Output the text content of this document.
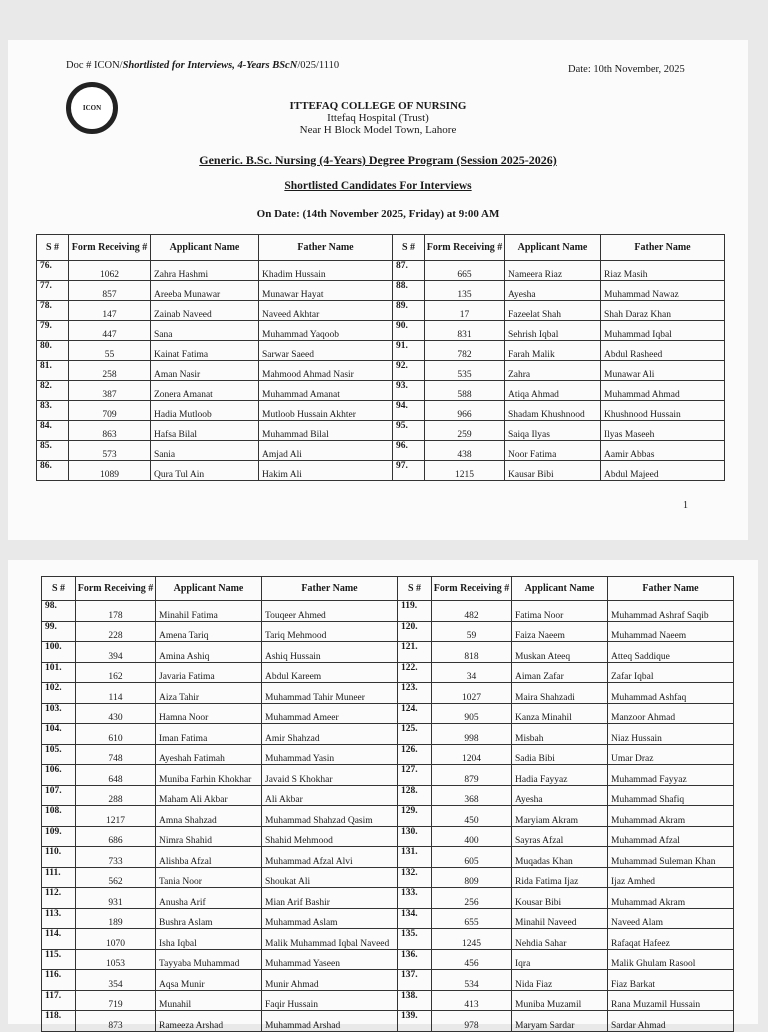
Doc # ICON/Shortlisted for Interviews, 4-Years BScN/025/1110	Date: 10th November, 2025
ICON	ITTEFAQ COLLEGE OF NURSING
Ittefaq Hospital (Trust)
Near H Block Model Town, Lahore
Generic. B.Sc. Nursing (4-Years) Degree Program (Session 2025-2026)
Shortlisted Candidates For Interviews
On Date: (14th November 2025, Friday) at 9:00 AM
S #	Form Receiving #	Applicant Name	Father Name	S #	Form Receiving #	Applicant Name	Father Name
76.	1062	Zahra Hashmi	Khadim Hussain	87.	665	Nameera Riaz	Riaz Masih
77.	857	Areeba Munawar	Munawar Hayat	88.	135	Ayesha	Muhammad Nawaz
78.	147	Zainab Naveed	Naveed Akhtar	89.	17	Fazeelat Shah	Shah Daraz Khan
79.	447	Sana	Muhammad Yaqoob	90.	831	Sehrish Iqbal	Muhammad Iqbal
80.	55	Kainat Fatima	Sarwar Saeed	91.	782	Farah Malik	Abdul Rasheed
81.	258	Aman Nasir	Mahmood Ahmad Nasir	92.	535	Zahra	Munawar Ali
82.	387	Zonera Amanat	Muhammad Amanat	93.	588	Atiqa Ahmad	Muhammad Ahmad
83.	709	Hadia Mutloob	Mutloob Hussain Akhter	94.	966	Shadam Khushnood	Khushnood Hussain
84.	863	Hafsa Bilal	Muhammad Bilal	95.	259	Saiqa Ilyas	Ilyas Maseeh
85.	573	Sania	Amjad Ali	96.	438	Noor Fatima	Aamir Abbas
86.	1089	Qura Tul Ain	Hakim Ali	97.	1215	Kausar Bibi	Abdul Majeed
1
S #	Form Receiving #	Applicant Name	Father Name	S #	Form Receiving #	Applicant Name	Father Name
98.	178	Minahil Fatima	Touqeer Ahmed	119.	482	Fatima Noor	Muhammad Ashraf Saqib
99.	228	Amena Tariq	Tariq Mehmood	120.	59	Faiza Naeem	Muhammad Naeem
100.	394	Amina Ashiq	Ashiq Hussain	121.	818	Muskan Ateeq	Atteq Saddique
101.	162	Javaria Fatima	Abdul Kareem	122.	34	Aiman Zafar	Zafar Iqbal
102.	114	Aiza Tahir	Muhammad Tahir Muneer	123.	1027	Maira Shahzadi	Muhammad Ashfaq
103.	430	Hamna Noor	Muhammad Ameer	124.	905	Kanza Minahil	Manzoor Ahmad
104.	610	Iman Fatima	Amir Shahzad	125.	998	Misbah	Niaz Hussain
105.	748	Ayeshah Fatimah	Muhammad Yasin	126.	1204	Sadia Bibi	Umar Draz
106.	648	Muniba Farhin Khokhar	Javaid S Khokhar	127.	879	Hadia Fayyaz	Muhammad Fayyaz
107.	288	Maham Ali Akbar	Ali Akbar	128.	368	Ayesha	Muhammad Shafiq
108.	1217	Amna Shahzad	Muhammad Shahzad Qasim	129.	450	Maryiam Akram	Muhammad Akram
109.	686	Nimra Shahid	Shahid Mehmood	130.	400	Sayras Afzal	Muhammad Afzal
110.	733	Alishba Afzal	Muhammad Afzal Alvi	131.	605	Muqadas Khan	Muhammad Suleman Khan
111.	562	Tania Noor	Shoukat Ali	132.	809	Rida Fatima Ijaz	Ijaz Amhed
112.	931	Anusha Arif	Mian Arif Bashir	133.	256	Kousar Bibi	Muhammad Akram
113.	189	Bushra Aslam	Muhammad Aslam	134.	655	Minahil Naveed	Naveed Alam
114.	1070	Isha Iqbal	Malik Muhammad Iqbal Naveed	135.	1245	Nehdia Sahar	Rafaqat Hafeez
115.	1053	Tayyaba Muhammad	Muhammad Yaseen	136.	456	Iqra	Malik Ghulam Rasool
116.	354	Aqsa Munir	Munir Ahmad	137.	534	Nida Fiaz	Fiaz Barkat
117.	719	Munahil	Faqir Hussain	138.	413	Muniba Muzamil	Rana Muzamil Hussain
118.	873	Rameeza Arshad	Muhammad Arshad	139.	978	Maryam Sardar	Sardar Ahmad
